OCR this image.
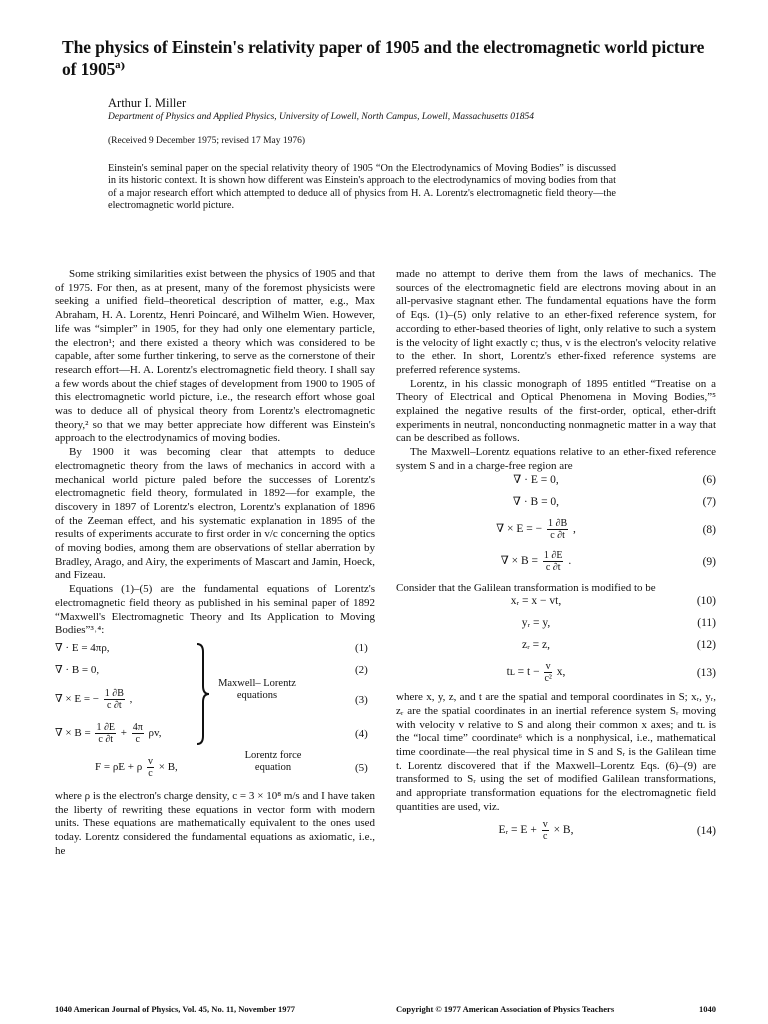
The physics of Einstein's relativity paper of 1905 and the electromagnetic world picture of 1905ª⁾
Arthur I. Miller
Department of Physics and Applied Physics, University of Lowell, North Campus, Lowell, Massachusetts 01854
(Received 9 December 1975; revised 17 May 1976)
Einstein's seminal paper on the special relativity theory of 1905 “On the Electrodynamics of Moving Bodies” is discussed in its historic context. It is shown how different was Einstein's approach to the electrodynamics of moving bodies from that of a major research effort which attempted to deduce all of physics from H. A. Lorentz's electromagnetic field theory—the electromagnetic world picture.

Some striking similarities exist between the physics of 1905 and that of 1975. For then, as at present, many of the foremost physicists were seeking a unified field–theoretical description of matter, e.g., Max Abraham, H. A. Lorentz, Henri Poincaré, and Wilhelm Wien. However, life was “simpler” in 1905, for they had only one elementary particle, the electron¹; and there existed a theory which was considered to be capable, after some further tinkering, to serve as the cornerstone of their research effort—H. A. Lorentz's electromagnetic field theory. I shall say a few words about the chief stages of development from 1900 to 1905 of this electromagnetic world picture, i.e., the research effort whose goal was to deduce all of physical theory from Lorentz's electromagnetic theory,² so that we may better appreciate how different was Einstein's approach to the electrodynamics of moving bodies.

By 1900 it was becoming clear that attempts to deduce electromagnetic theory from the laws of mechanics in accord with a mechanical world picture paled before the successes of Lorentz's electromagnetic field theory, formulated in 1892—for example, the discovery in 1897 of Lorentz's electron, Lorentz's explanation of 1896 of the Zeeman effect, and his systematic explanation in 1895 of the results of experiments accurate to first order in v/c concerning the optics of moving bodies, among them are observations of stellar aberration by Bradley, Arago, and Airy, the experiments of Mascart and Jamin, Hoeck, and Fizeau.

Equations (1)–(5) are the fundamental equations of Lorentz's electromagnetic field theory as published in his seminal paper of 1892 “Maxwell's Electromagnetic Theory and Its Application to Moving Bodies”³˒⁴:

∇ · E = 4πρ,	(1)
∇ · B = 0,	(2)
∇ × E = − $\frac{1 \partial B}{c \partial t}$ ,	(3)
∇ × $B = \frac{1 \partial E}{c \partial t} + \frac{4\pi}{c} \rho v$,	(4)
F = ρE + ρ $\frac{v}{c} \times B$,	(5)
Maxwell– Lorentz equations
Lorentz force equation

where ρ is the electron's charge density, c = 3 × 10⁸ m/s and I have taken the liberty of rewriting these equations in vector form with modern units. These equations are mathematically equivalent to the ones used today. Lorentz considered the fundamental equations as axiomatic, i.e., he

made no attempt to derive them from the laws of mechanics. The sources of the electromagnetic field are electrons moving about in an all-pervasive stagnant ether. The fundamental equations have the form of Eqs. (1)–(5) only relative to an ether-fixed reference system, for according to ether-based theories of light, only relative to such a system is the velocity of light exactly c; thus, v is the electron's velocity relative to the ether. In short, Lorentz's ether-fixed reference systems are preferred reference systems.

Lorentz, in his classic monograph of 1895 entitled “Treatise on a Theory of Electrical and Optical Phenomena in Moving Bodies,”⁵ explained the negative results of the first-order, optical, ether-drift experiments in neutral, nonconducting nonmagnetic matter in a way that can be described as follows.

The Maxwell–Lorentz equations relative to an ether-fixed reference system S and in a charge-free region are

∇ · E = 0,	(6)
∇ · B = 0,	(7)
∇ × E = − $\frac{1 \partial B}{c \partial t}$ ,	(8)
∇ × $B = \frac{1 \partial E}{c \partial t}$ .	(9)

Consider that the Galilean transformation is modified to be

xᵣ = x − vt,	(10)
yᵣ = y,	(11)
zᵣ = z,	(12)
tʟ = $t - \frac{v}{\text{c²}} x$,	(13)

where x, y, z, and t are the spatial and temporal coordinates in S; xᵣ, yᵣ, zᵣ are the spatial coordinates in an inertial reference system Sᵣ moving with velocity v relative to S and along their common x axes; and tʟ is the “local time” coordinate⁶ which is a nonphysical, i.e., mathematical time coordinate—the real physical time in S and Sᵣ is the Galilean time t. Lorentz discovered that if the Maxwell–Lorentz Eqs. (6)–(9) are transformed to Sᵣ using the set of modified Galilean transformations, and appropriate transformation equations for the electromagnetic field quantities are used, viz.

Eᵣ = $E + \frac{v}{c} \times B$,	(14)
1040 American Journal of Physics, Vol. 45, No. 11, November 1977	Copyright © 1977 American Association of Physics Teachers	1040
